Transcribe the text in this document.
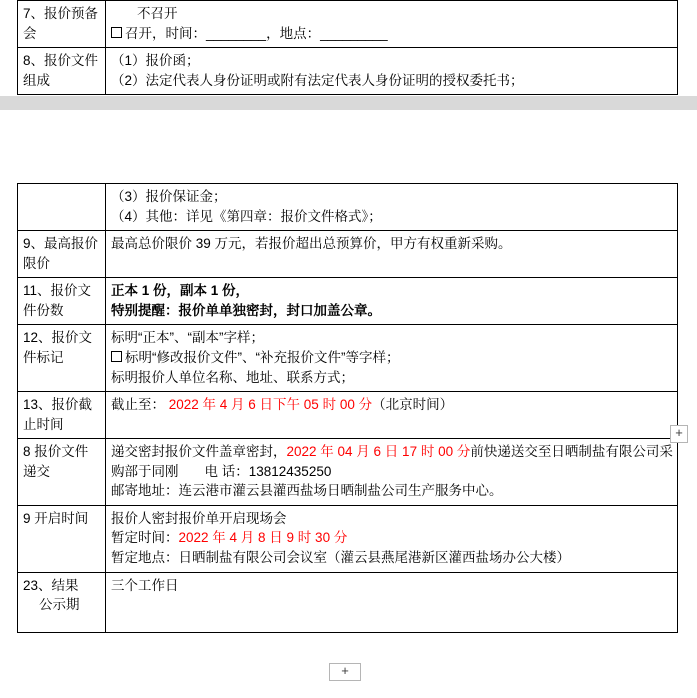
7、报价预备会	不召开
召开，时间：________，地点：_________

8、报价文件组成	（1）报价函；
（2）法定代表人身份证明或附有法定代表人身份证明的授权委托书；

	（3）报价保证金；
（4）其他：详见《第四章：报价文件格式》；

9、最高报价限价	最高总价限价 39 万元，若报价超出总预算价，甲方有权重新采购。

11、报价文件份数	正本 1 份，副本 1 份，
特别提醒：报价单单独密封，封口加盖公章。

12、报价文件标记	标明“正本”、“副本”字样；
标明“修改报价文件”、“补充报价文件”等字样；
标明报价人单位名称、地址、联系方式；

13、报价截止时间	截止至： 2022 年 4 月 6 日下午 05 时 00 分（北京时间）

8 报价文件递交	递交密封报价文件盖章密封，2022 年 04 月 6 日 17 时 00 分前快递送交至日晒制盐有限公司采购部于同刚 电 话：13812435250
邮寄地址：连云港市灌云县灌西盐场日晒制盐公司生产服务中心。

9 开启时间	报价人密封报价单开启现场会
暂定时间：2022 年 4 月 8 日 9 时 30 分
暂定地点：日晒制盐有限公司会议室（灌云县燕尾港新区灌西盐场办公大楼）

23、结果
公示期	三个工作日
+
+
